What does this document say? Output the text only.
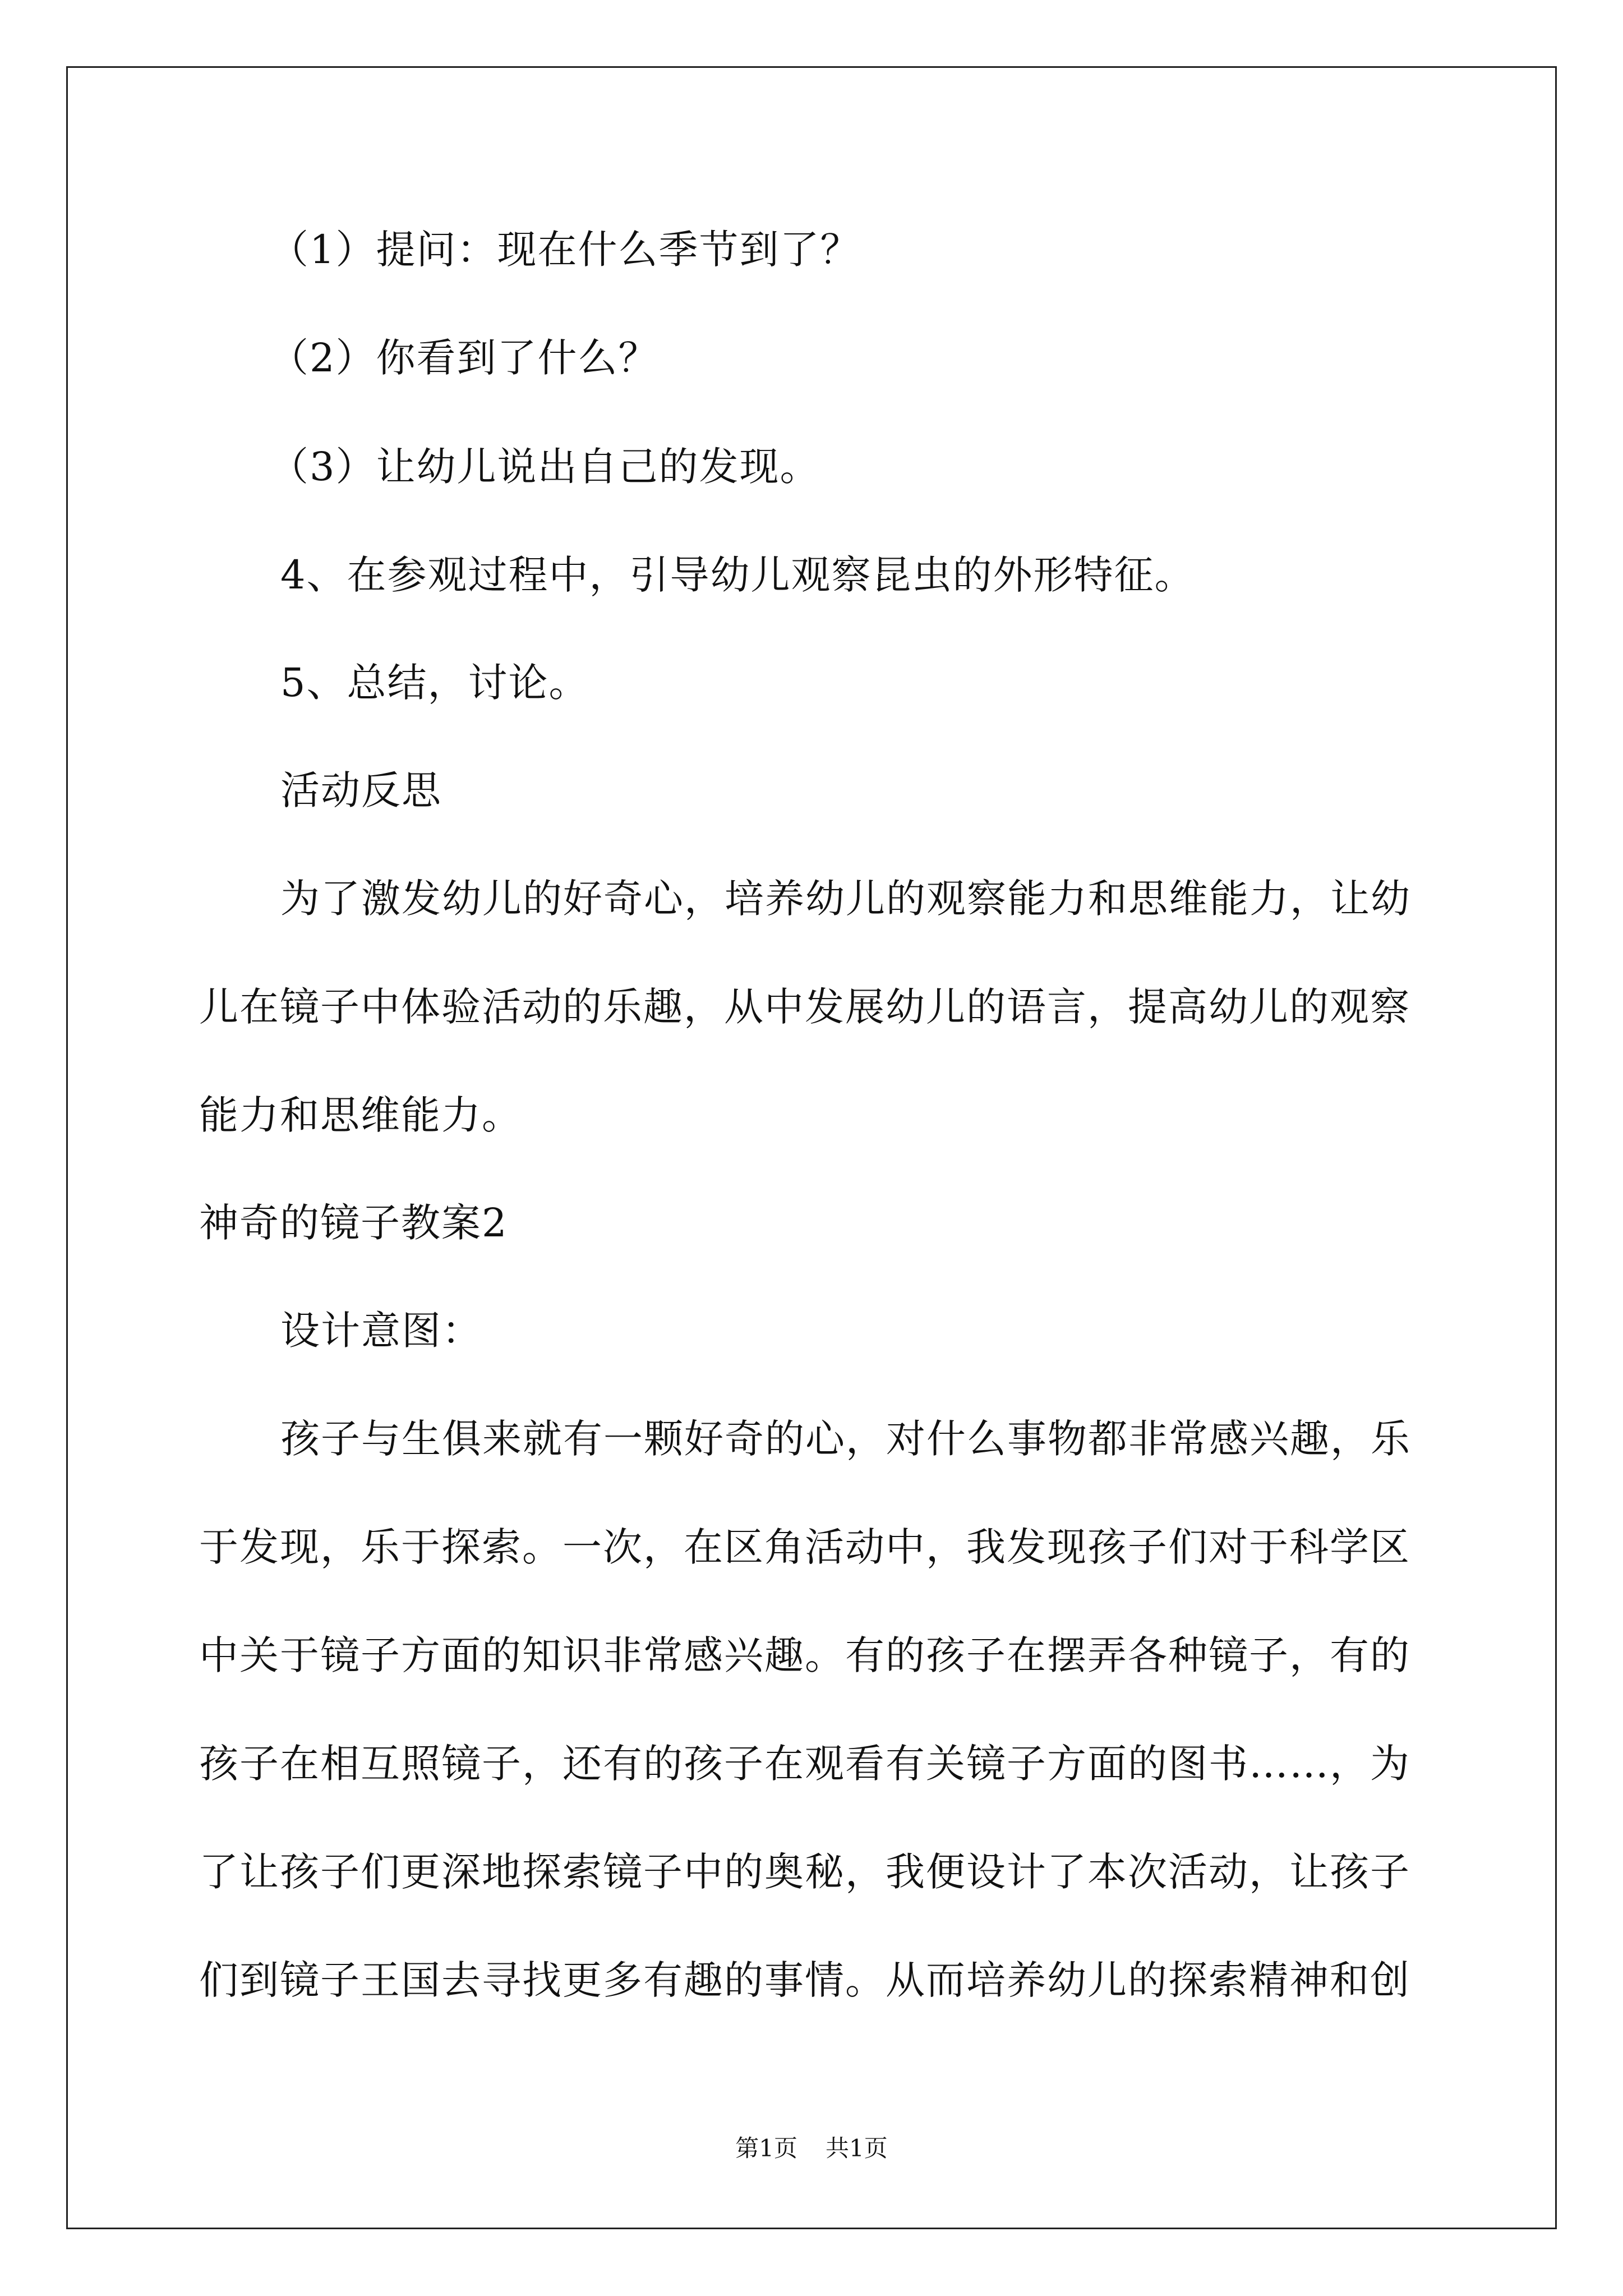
（1）提问：现在什么季节到了？
（2）你看到了什么？
（3）让幼儿说出自己的发现。
4、在参观过程中，引导幼儿观察昆虫的外形特征。
5、总结，讨论。
活动反思
为了激发幼儿的好奇心，培养幼儿的观察能力和思维能力，让幼
儿在镜子中体验活动的乐趣，从中发展幼儿的语言，提高幼儿的观察
能力和思维能力。
神奇的镜子教案2
设计意图：
孩子与生俱来就有一颗好奇的心，对什么事物都非常感兴趣，乐
于发现，乐于探索。一次，在区角活动中，我发现孩子们对于科学区
中关于镜子方面的知识非常感兴趣。有的孩子在摆弄各种镜子，有的
孩子在相互照镜子，还有的孩子在观看有关镜子方面的图书……，为
了让孩子们更深地探索镜子中的奥秘，我便设计了本次活动，让孩子
们到镜子王国去寻找更多有趣的事情。从而培养幼儿的探索精神和创
第1页 共1页
